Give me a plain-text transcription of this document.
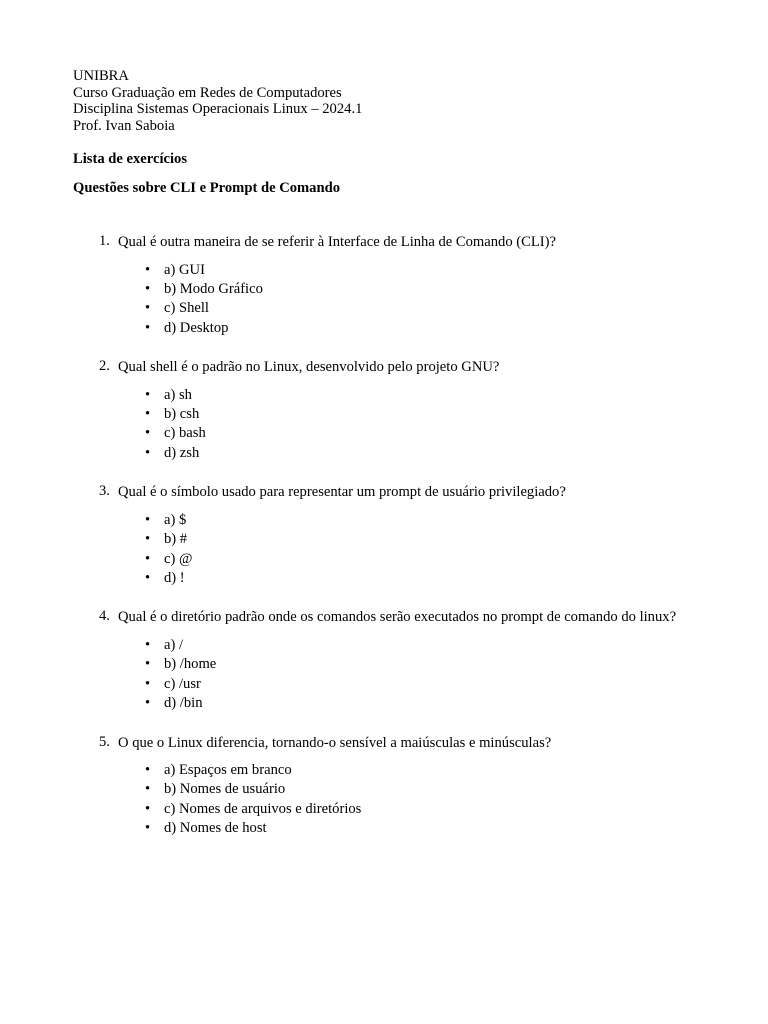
UNIBRA
Curso Graduação em Redes de Computadores
Disciplina Sistemas Operacionais Linux – 2024.1
Prof. Ivan Saboia
Lista de exercícios
Questões sobre CLI e Prompt de Comando
1. Qual é outra maneira de se referir à Interface de Linha de Comando (CLI)?
• a) GUI
• b) Modo Gráfico
• c) Shell
• d) Desktop
2. Qual shell é o padrão no Linux, desenvolvido pelo projeto GNU?
• a) sh
• b) csh
• c) bash
• d) zsh
3. Qual é o símbolo usado para representar um prompt de usuário privilegiado?
• a) $
• b) #
• c) @
• d) !
4. Qual é o diretório padrão onde os comandos serão executados no prompt de comando do linux?
• a) /
• b) /home
• c) /usr
• d) /bin
5. O que o Linux diferencia, tornando-o sensível a maiúsculas e minúsculas?
• a) Espaços em branco
• b) Nomes de usuário
• c) Nomes de arquivos e diretórios
• d) Nomes de host
